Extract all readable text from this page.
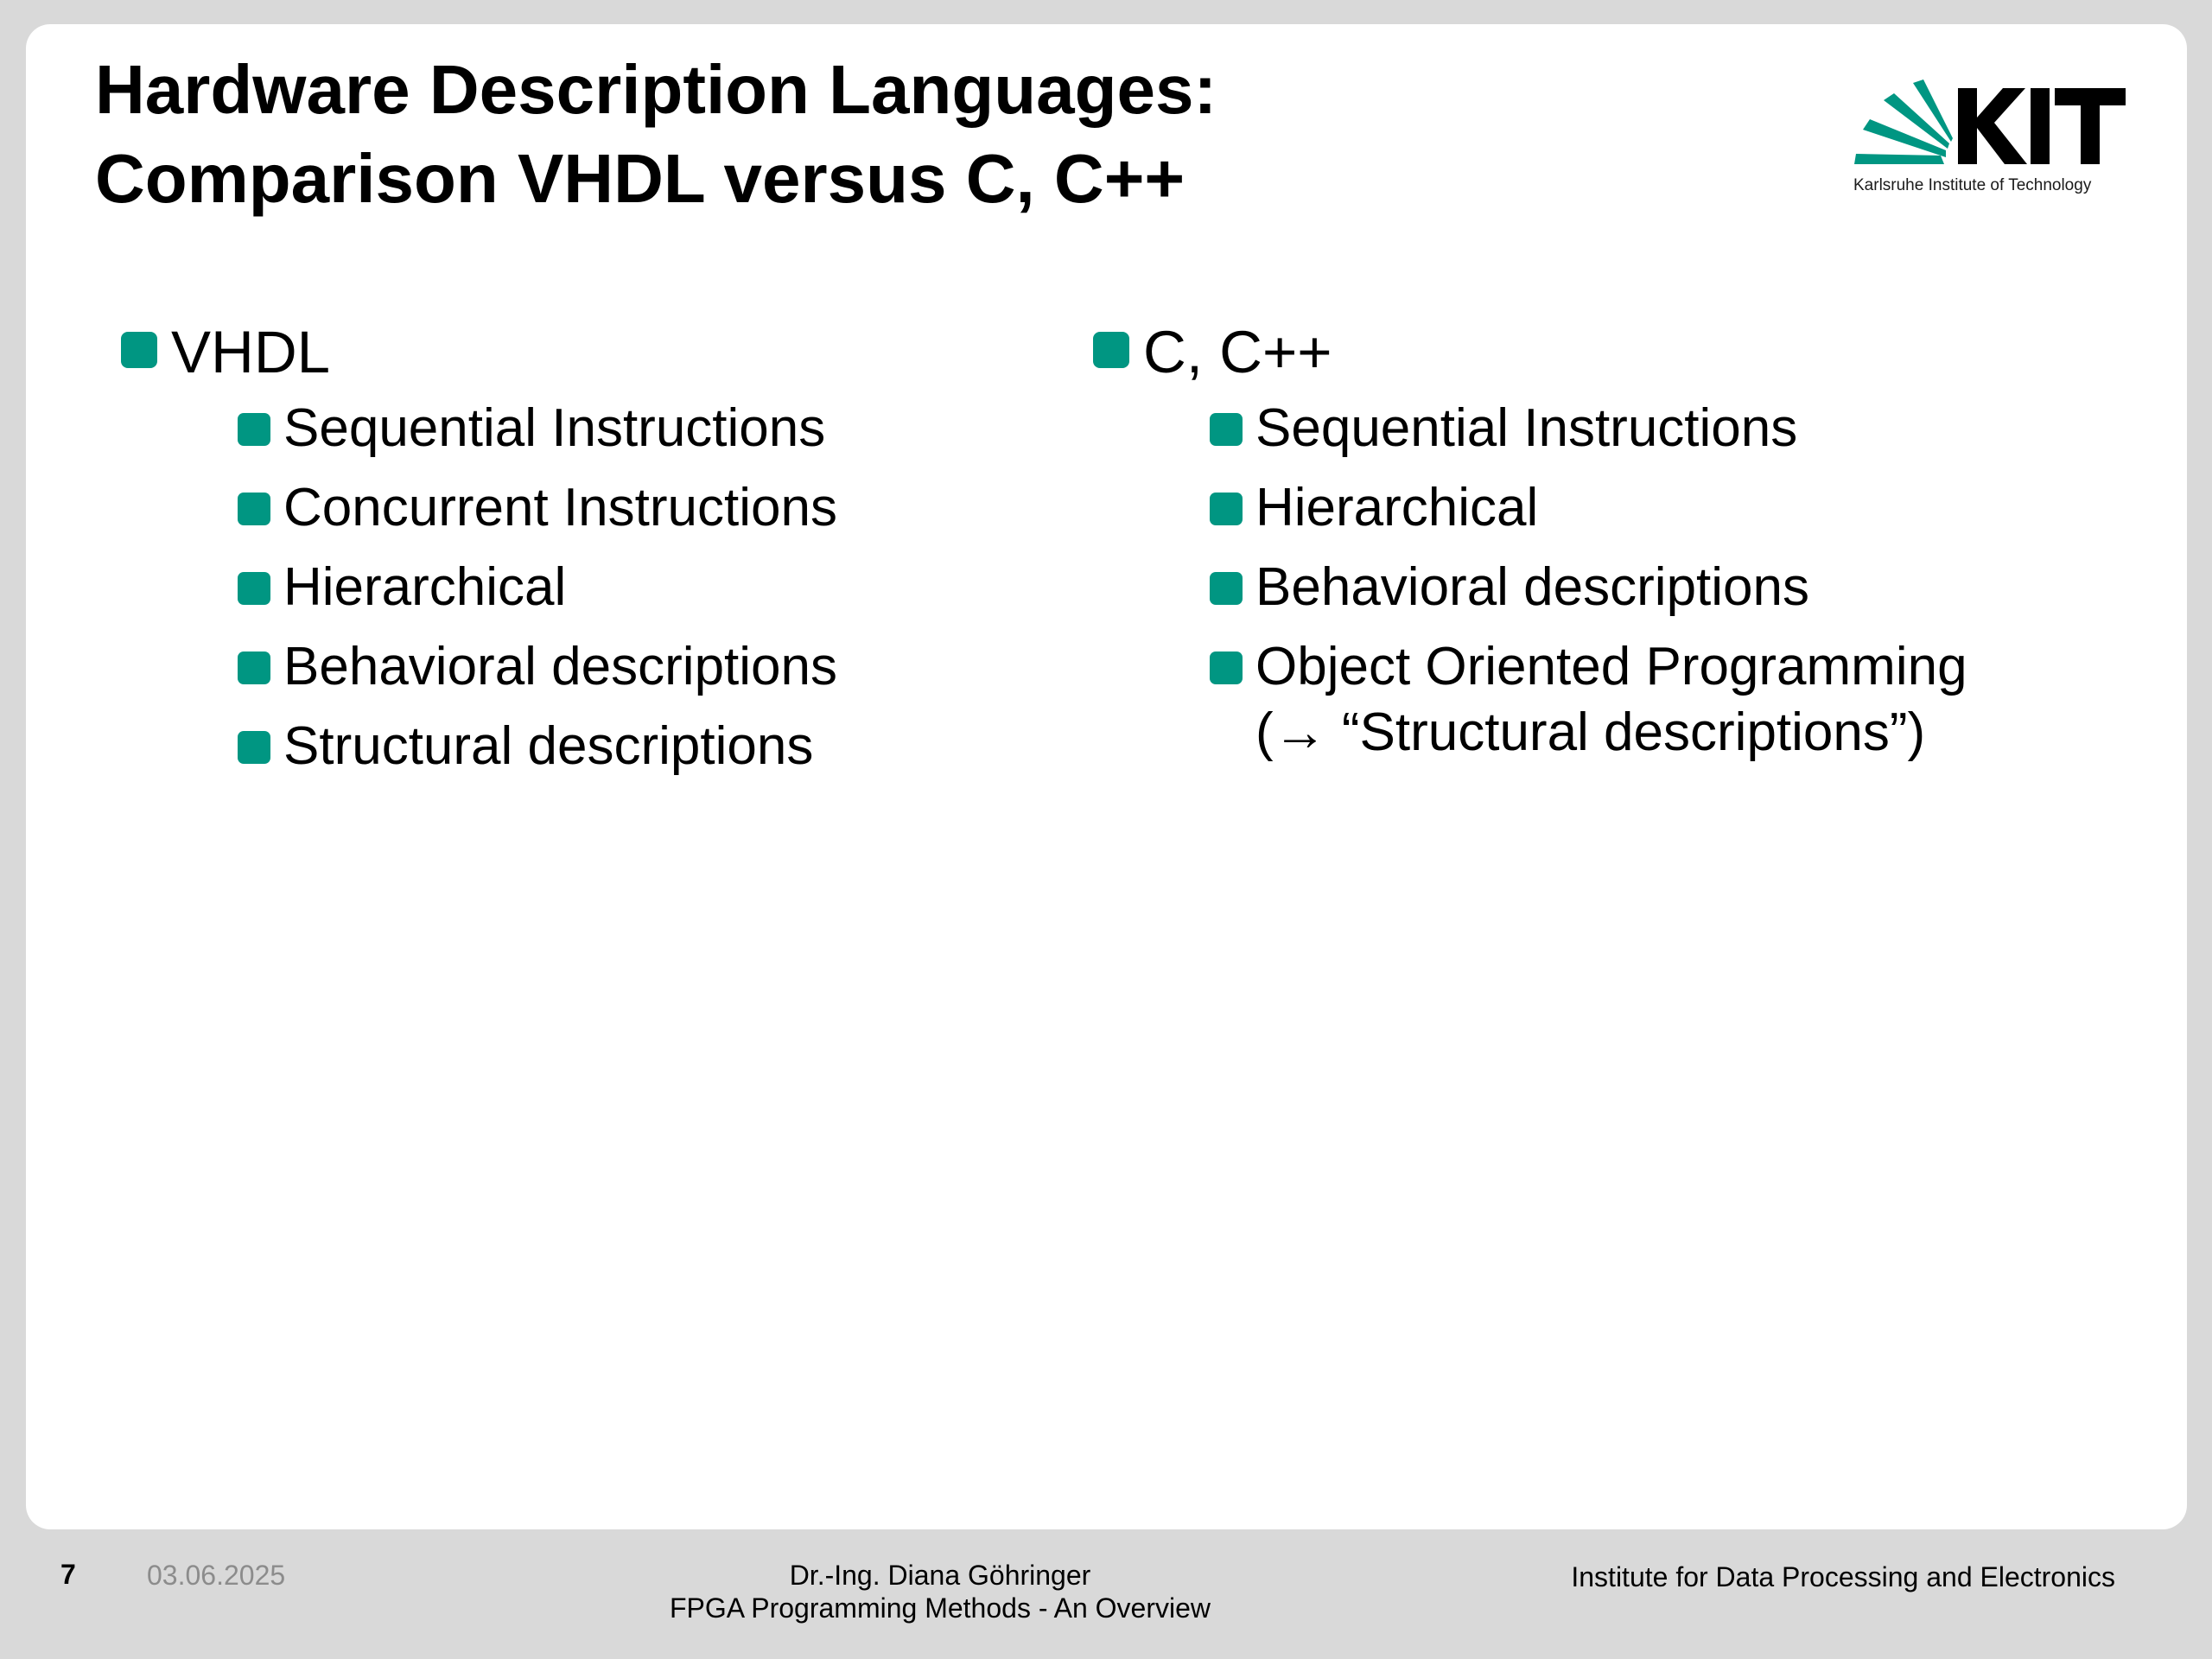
Hardware Description Languages:
Comparison VHDL versus C, C++	Karlsruhe Institute of Technology
VHDL
Sequential Instructions
Concurrent Instructions
Hierarchical
Behavioral descriptions
Structural descriptions
C, C++
Sequential Instructions
Hierarchical
Behavioral descriptions
Object Oriented Programming
(→ “Structural descriptions”)
7	03.06.2025	Dr.-Ing. Diana Göhringer
FPGA Programming Methods - An Overview
Institute for Data Processing and Electronics
